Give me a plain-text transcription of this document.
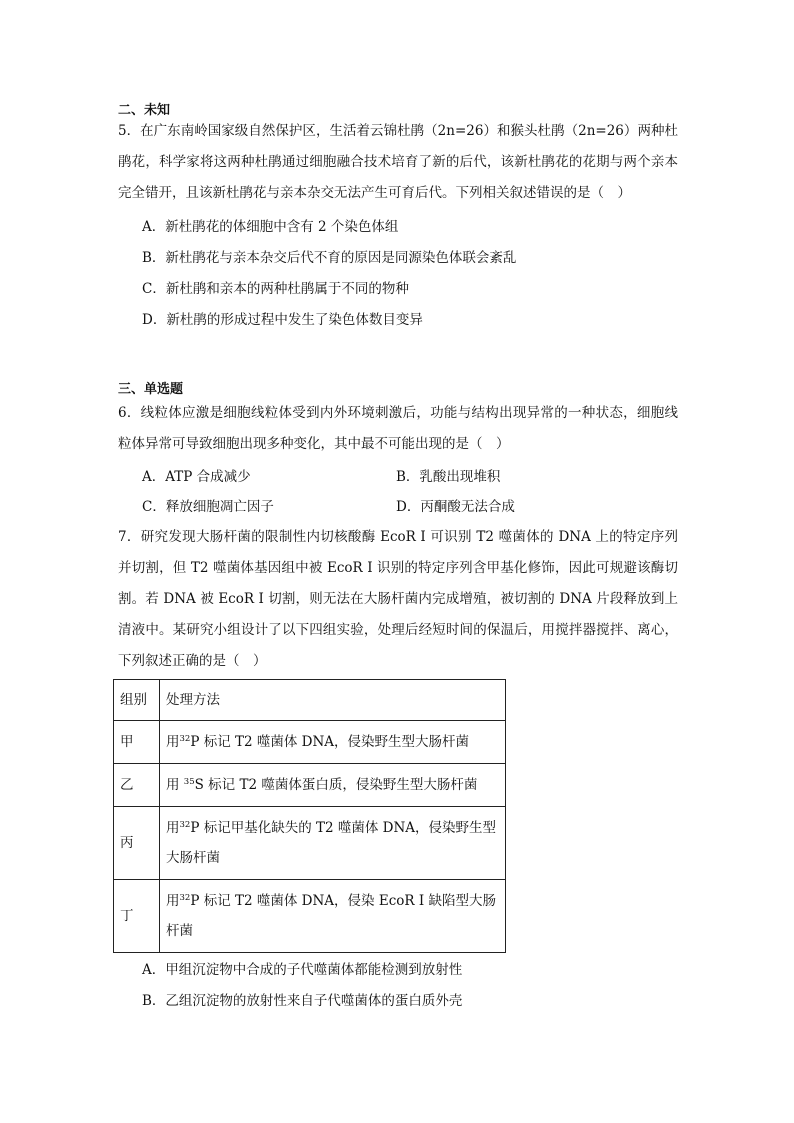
二、未知
5．在广东南岭国家级自然保护区，生活着云锦杜鹃（2n=26）和猴头杜鹃（2n=26）两种杜鹃花，科学家将这两种杜鹃通过细胞融合技术培育了新的后代，该新杜鹃花的花期与两个亲本完全错开，且该新杜鹃花与亲本杂交无法产生可育后代。下列相关叙述错误的是（　）
A．新杜鹃花的体细胞中含有 2 个染色体组
B．新杜鹃花与亲本杂交后代不育的原因是同源染色体联会紊乱
C．新杜鹃和亲本的两种杜鹃属于不同的物种
D．新杜鹃的形成过程中发生了染色体数目变异
三、单选题
6．线粒体应激是细胞线粒体受到内外环境刺激后，功能与结构出现异常的一种状态，细胞线粒体异常可导致细胞出现多种变化，其中最不可能出现的是（　）
A．ATP 合成减少	B．乳酸出现堆积
C．释放细胞凋亡因子	D．丙酮酸无法合成
7．研究发现大肠杆菌的限制性内切核酸酶 EcoR I 可识别 T2 噬菌体的 DNA 上的特定序列并切割，但 T2 噬菌体基因组中被 EcoR I 识别的特定序列含甲基化修饰，因此可规避该酶切割。若 DNA 被 EcoR I 切割，则无法在大肠杆菌内完成增殖，被切割的 DNA 片段释放到上清液中。某研究小组设计了以下四组实验，处理后经短时间的保温后，用搅拌器搅拌、离心，下列叙述正确的是（　）
组别	处理方法
甲	用$^{32}$P 标记 T2 噬菌体 DNA，侵染野生型大肠杆菌
乙	用 $^{35}$S 标记 T2 噬菌体蛋白质，侵染野生型大肠杆菌
丙	用$^{32}$P 标记甲基化缺失的 T2 噬菌体 DNA，侵染野生型大肠杆菌
丁	用$^{32}$P 标记 T2 噬菌体 DNA，侵染 EcoR I 缺陷型大肠杆菌
A．甲组沉淀物中合成的子代噬菌体都能检测到放射性
B．乙组沉淀物的放射性来自子代噬菌体的蛋白质外壳
